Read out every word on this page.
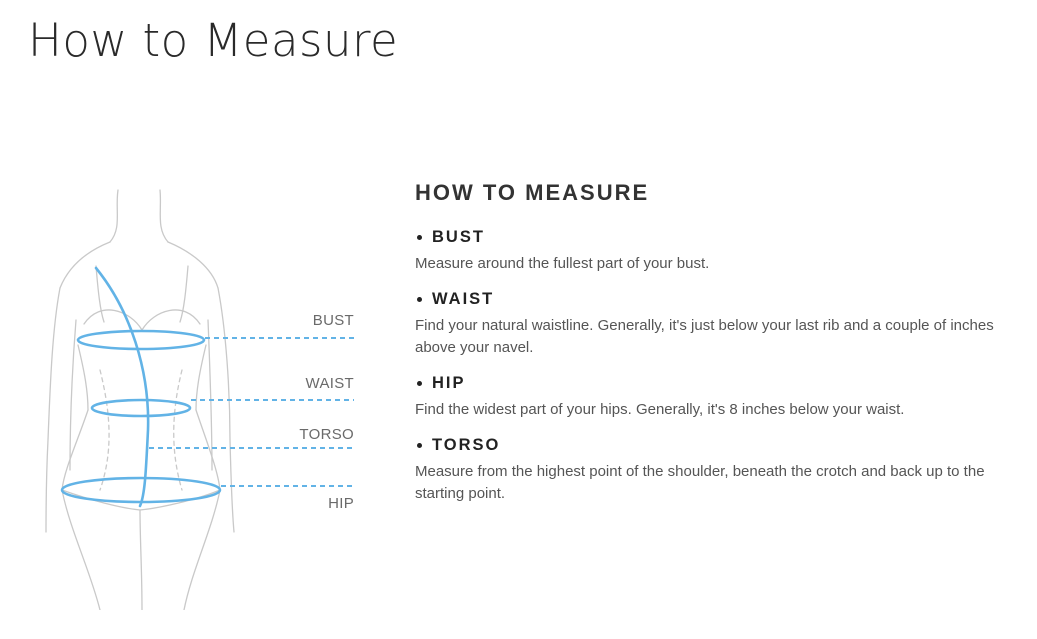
How to Measure
BUST
WAIST
TORSO
HIP
HOW TO MEASURE
BUST
Measure around the fullest part of your bust.
WAIST
Find your natural waistline. Generally, it's just below your last rib and a couple of inches above your navel.
HIP
Find the widest part of your hips. Generally, it's 8 inches below your waist.
TORSO
Measure from the highest point of the shoulder, beneath the crotch and back up to the starting point.
